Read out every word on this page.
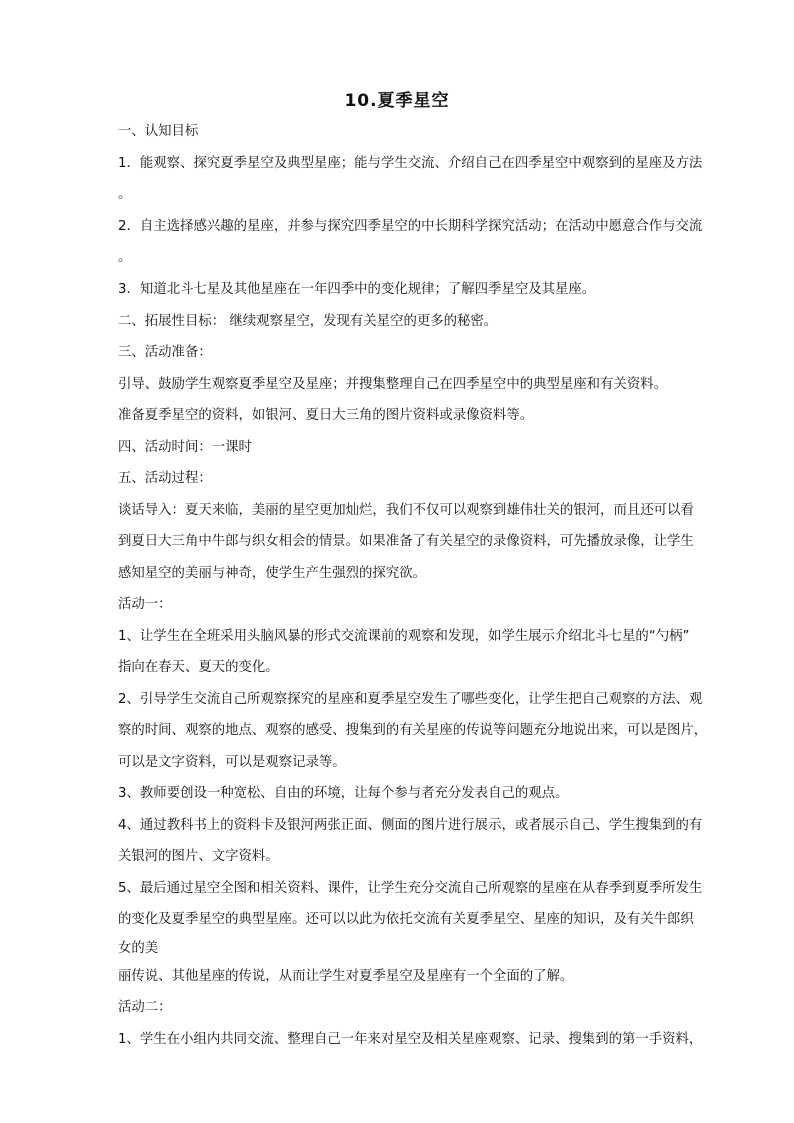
10.夏季星空
一、认知目标
1．能观察、探究夏季星空及典型星座；能与学生交流、介绍自己在四季星空中观察到的星座及方法
。
2．自主选择感兴趣的星座，并参与探究四季星空的中长期科学探究活动；在活动中愿意合作与交流
。
3．知道北斗七星及其他星座在一年四季中的变化规律；了解四季星空及其星座。
二、拓展性目标： 继续观察星空，发现有关星空的更多的秘密。
三、活动准备：
引导、鼓励学生观察夏季星空及星座；并搜集整理自己在四季星空中的典型星座和有关资料。
准备夏季星空的资料，如银河、夏日大三角的图片资料或录像资料等。
四、活动时间：一课时
五、活动过程：
谈话导入：夏天来临，美丽的星空更加灿烂，我们不仅可以观察到雄伟壮关的银河，而且还可以看
到夏日大三角中牛郎与织女相会的情景。如果准备了有关星空的录像资料，可先播放录像，让学生
感知星空的美丽与神奇，使学生产生强烈的探究欲。
活动一：
1、让学生在全班采用头脑风暴的形式交流课前的观察和发现，如学生展示介绍北斗七星的“勺柄”
指向在春天、夏天的变化。
2、引导学生交流自己所观察探究的星座和夏季星空发生了哪些变化，让学生把自己观察的方法、观
察的时间、观察的地点、观察的感受、搜集到的有关星座的传说等问题充分地说出来，可以是图片，
可以是文字资料，可以是观察记录等。
3、教师要创设一种宽松、自由的环境，让每个参与者充分发表自己的观点。
4、通过教科书上的资料卡及银河两张正面、侧面的图片进行展示，或者展示自己、学生搜集到的有
关银河的图片、文字资料。
5、最后通过星空全图和相关资料、课件，让学生充分交流自己所观察的星座在从春季到夏季所发生
的变化及夏季星空的典型星座。还可以以此为依托交流有关夏季星空、星座的知识，及有关牛郎织
女的美
丽传说、其他星座的传说，从而让学生对夏季星空及星座有一个全面的了解。
活动二：
1、学生在小组内共同交流、整理自己一年来对星空及相关星座观察、记录、搜集到的第一手资料，
